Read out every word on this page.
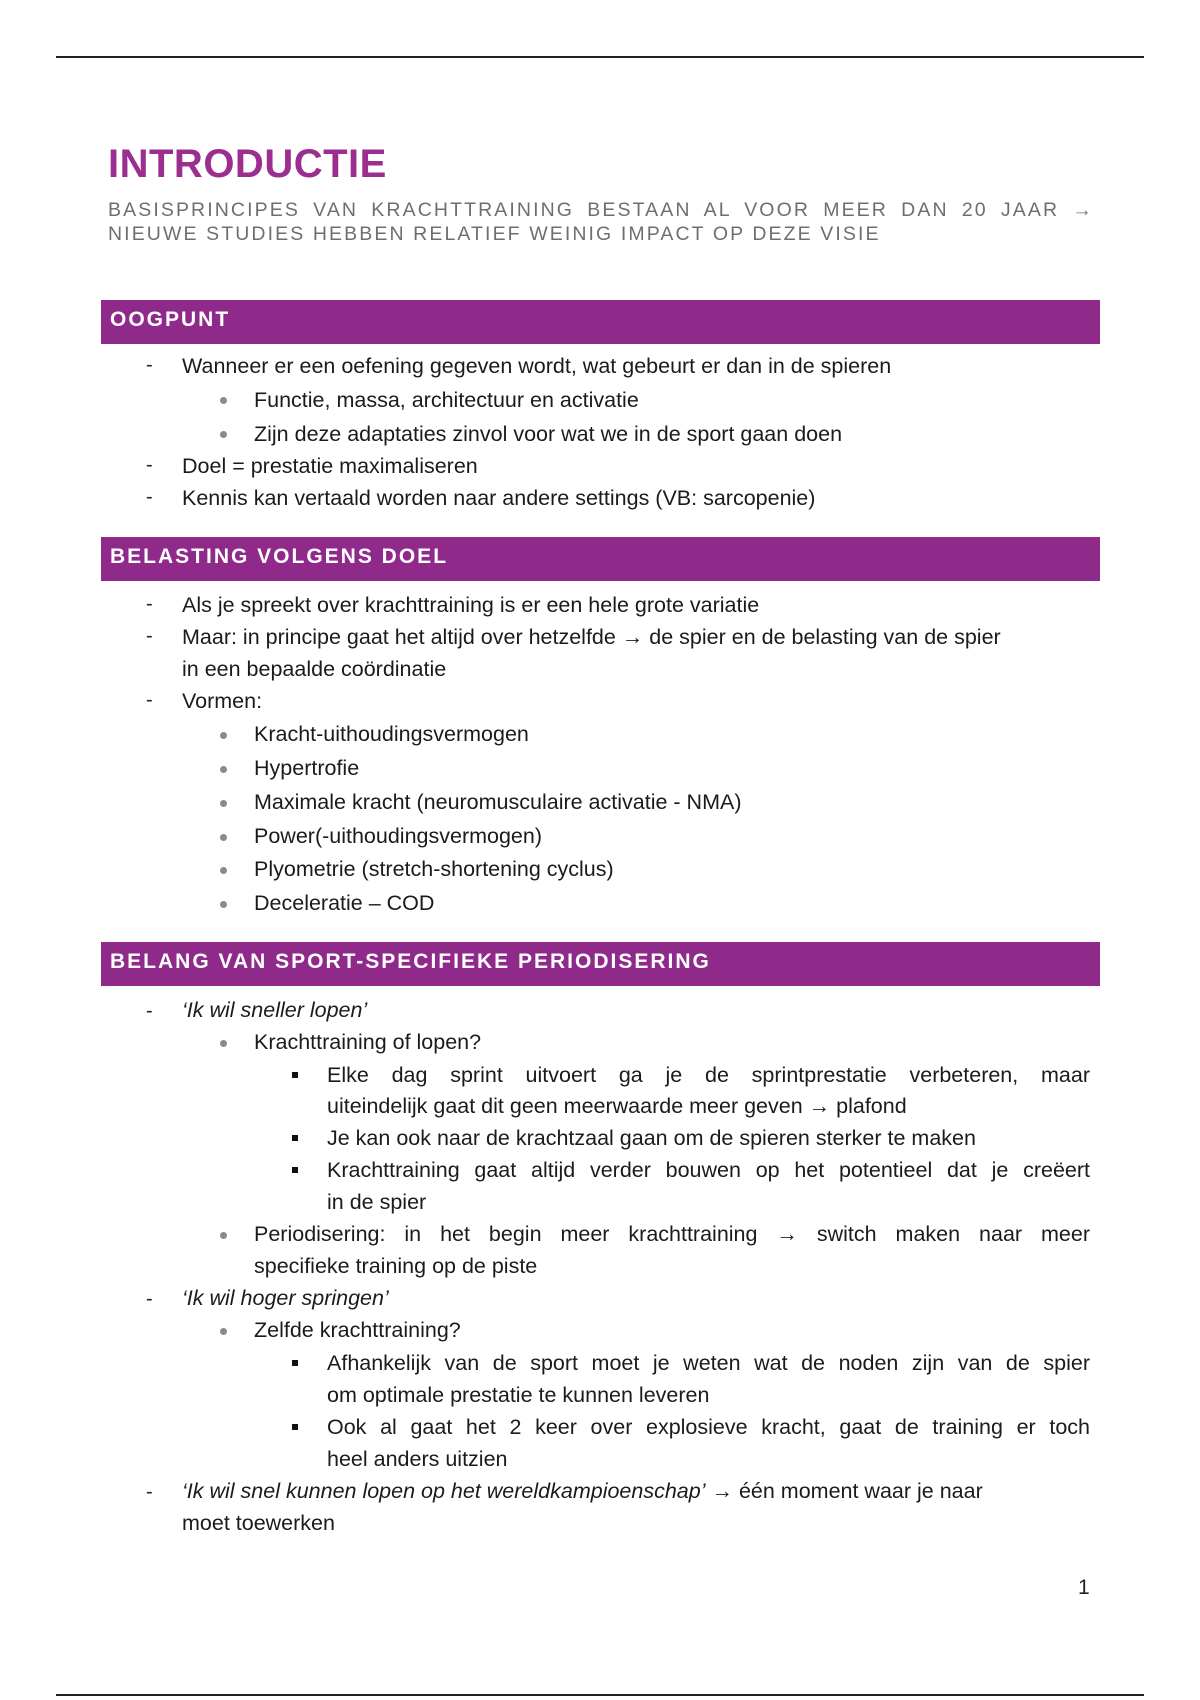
INTRODUCTIE
BASISPRINCIPES VAN KRACHTTRAINING BESTAAN AL VOOR MEER DAN 20 JAAR → NIEUWE STUDIES HEBBEN RELATIEF WEINIG IMPACT OP DEZE VISIE
OOGPUNT
- Wanneer er een oefening gegeven wordt, wat gebeurt er dan in de spieren
Functie, massa, architectuur en activatie
Zijn deze adaptaties zinvol voor wat we in de sport gaan doen
- Doel = prestatie maximaliseren
- Kennis kan vertaald worden naar andere settings (VB: sarcopenie)
BELASTING VOLGENS DOEL
- Als je spreekt over krachttraining is er een hele grote variatie
- Maar: in principe gaat het altijd over hetzelfde → de spier en de belasting van de spier
in een bepaalde coördinatie
- Vormen:
Kracht-uithoudingsvermogen
Hypertrofie
Maximale kracht (neuromusculaire activatie - NMA)
Power(-uithoudingsvermogen)
Plyometrie (stretch-shortening cyclus)
Deceleratie – COD
BELANG VAN SPORT-SPECIFIEKE PERIODISERING
- ‘Ik wil sneller lopen’
Krachttraining of lopen?
Elke dag sprint uitvoert ga je de sprintprestatie verbeteren, maar
uiteindelijk gaat dit geen meerwaarde meer geven → plafond
Je kan ook naar de krachtzaal gaan om de spieren sterker te maken
Krachttraining gaat altijd verder bouwen op het potentieel dat je creëert
in de spier
Periodisering: in het begin meer krachttraining → switch maken naar meer
specifieke training op de piste
- ‘Ik wil hoger springen’
Zelfde krachttraining?
Afhankelijk van de sport moet je weten wat de noden zijn van de spier
om optimale prestatie te kunnen leveren
Ook al gaat het 2 keer over explosieve kracht, gaat de training er toch
heel anders uitzien
- ‘Ik wil snel kunnen lopen op het wereldkampioenschap’ → één moment waar je naar
moet toewerken
1
